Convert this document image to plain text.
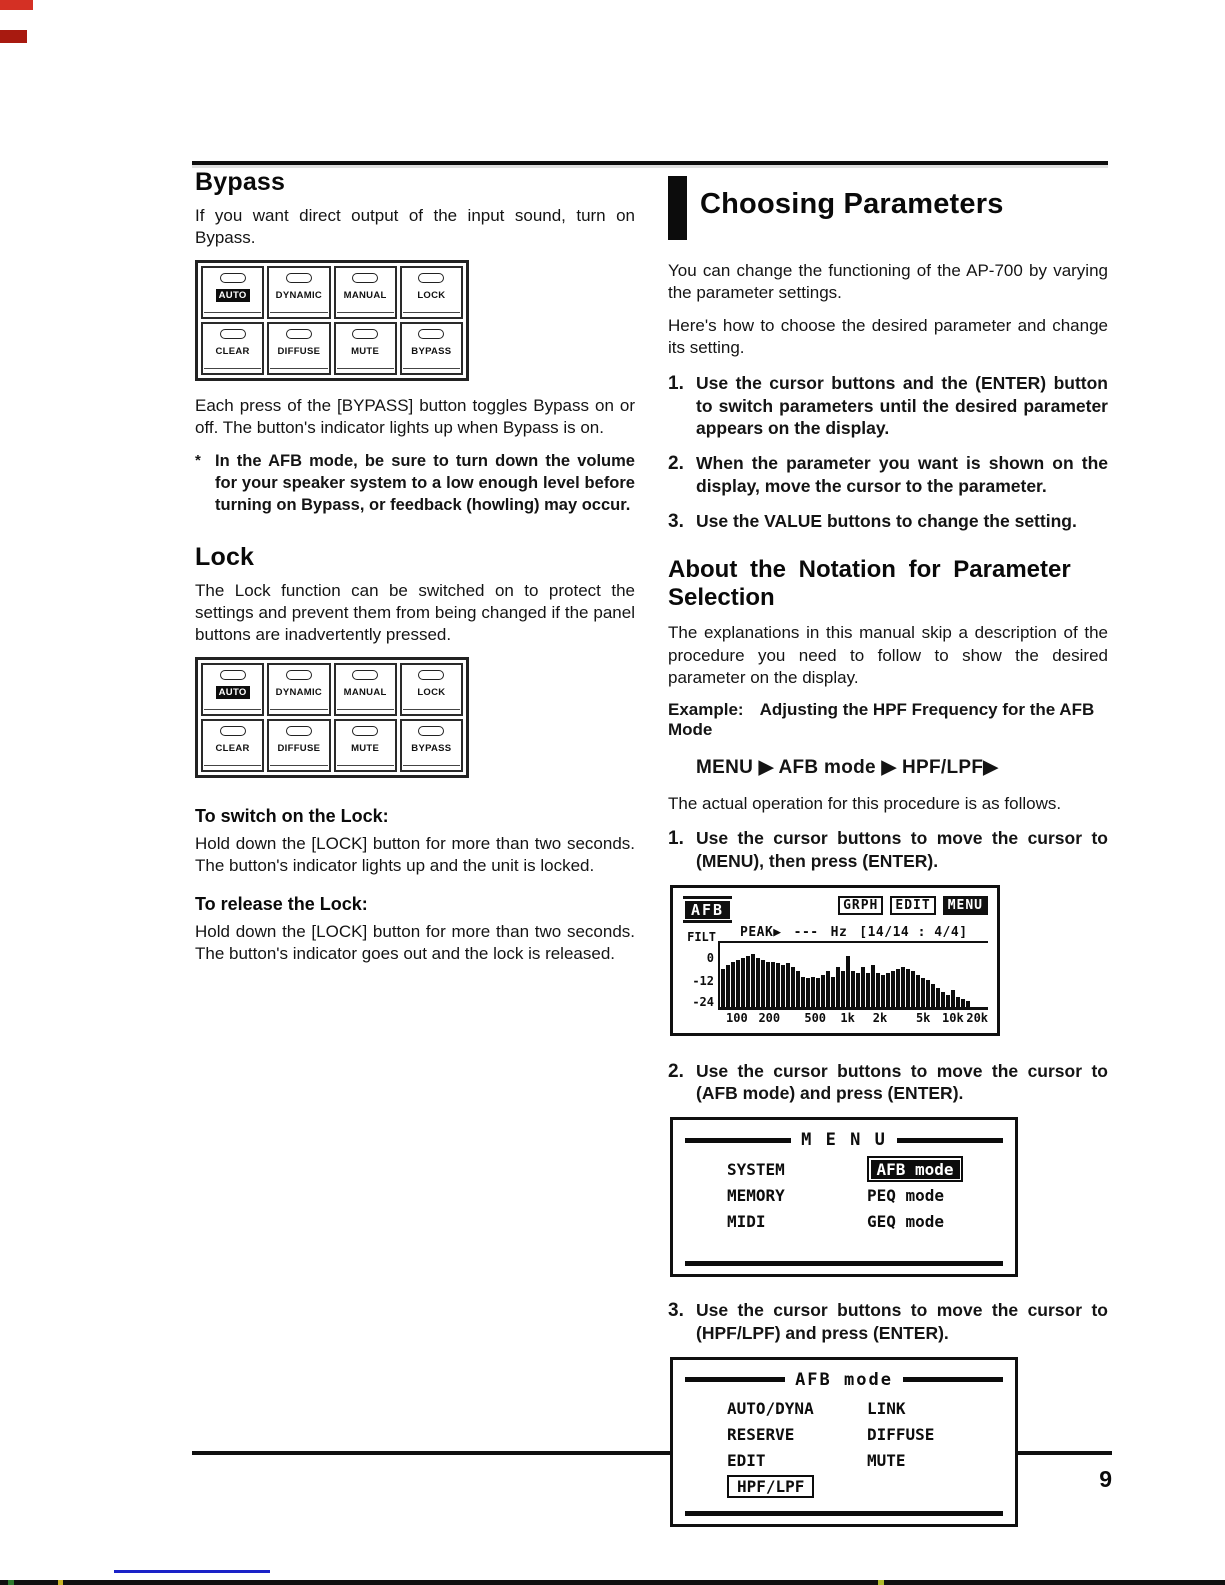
9
Bypass

If you want direct output of the input sound, turn on Bypass.

AUTO	DYNAMIC	MANUAL	LOCK
CLEAR	DIFFUSE	MUTE	BYPASS

Each press of the [BYPASS] button toggles Bypass on or off. The button's indicator lights up when Bypass is on.

* In the AFB mode, be sure to turn down the volume for your speaker system to a low enough level before turning on Bypass, or feedback (howling) may occur.
Lock

The Lock function can be switched on to protect the settings and prevent them from being changed if the panel buttons are inadvertently pressed.

AUTO	DYNAMIC	MANUAL	LOCK
CLEAR	DIFFUSE	MUTE	BYPASS
To switch on the Lock:

Hold down the [LOCK] button for more than two seconds. The button's indicator lights up and the unit is locked.

To release the Lock:

Hold down the [LOCK] button for more than two seconds. The button's indicator goes out and the lock is released.

Choosing Parameters

You can change the functioning of the AP-700 by varying the parameter settings.

Here's how to choose the desired parameter and change its setting.

1. Use the cursor buttons and the (ENTER) button to switch parameters until the desired parameter appears on the display.
2. When the parameter you want is shown on the display, move the cursor to the parameter.
3. Use the VALUE buttons to change the setting.
About the Notation for Parameter Selection

The explanations in this manual skip a description of the procedure you need to follow to show the desired parameter on the display.

Example: Adjusting the HPF Frequency for the AFB Mode

MENU ▶ AFB mode ▶ HPF/LPF▶

The actual operation for this procedure is as follows.

1. Use the cursor buttons to move the cursor to (MENU), then press (ENTER).
AFB	GRPH	EDIT	MENU
PEAK▶ --- Hz [14/14 : 4/4]
FILT
0
-12
-24
100 200 500 1k 2k 5k 10k 20k
2. Use the cursor buttons to move the cursor to (AFB mode) and press (ENTER).
M E N U
SYSTEM	AFB mode
MEMORY	PEQ mode
MIDI	GEQ mode
3. Use the cursor buttons to move the cursor to (HPF/LPF) and press (ENTER).
AFB mode
AUTO/DYNA	LINK
RESERVE	DIFFUSE
EDIT	MUTE
HPF/LPF
